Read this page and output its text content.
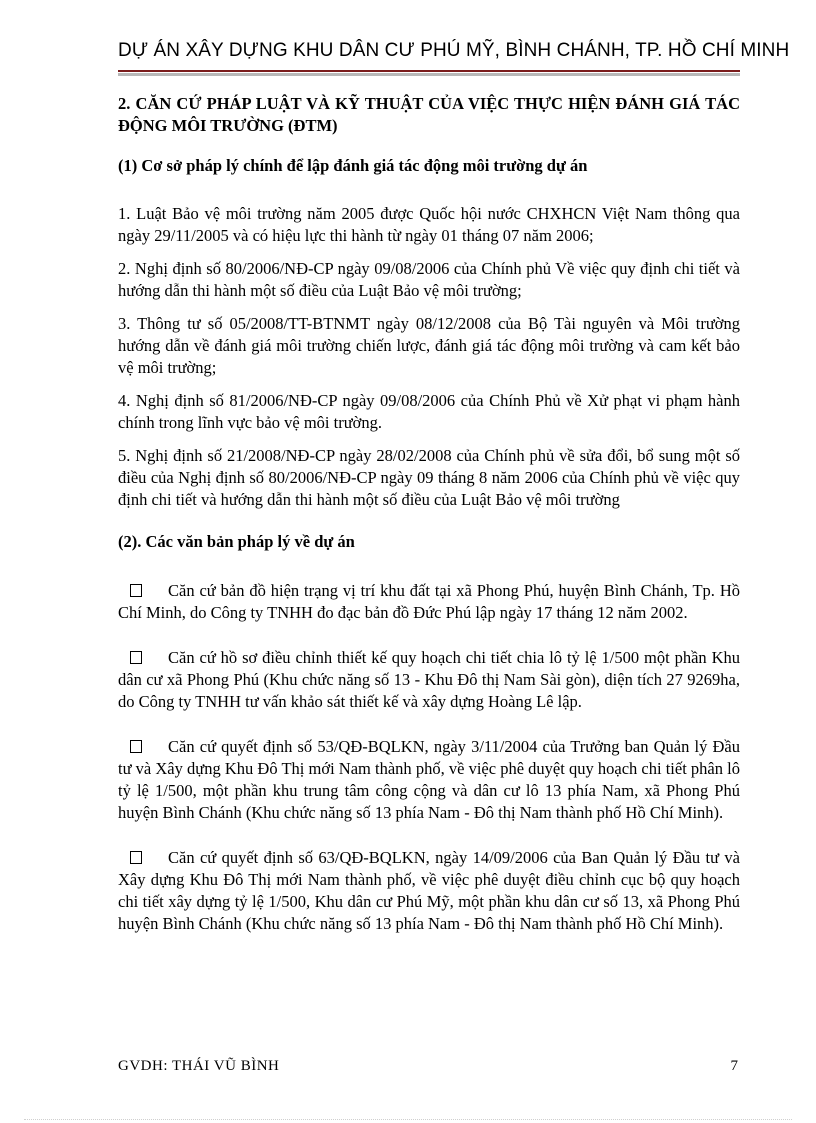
DỰ ÁN XÂY DỰNG KHU DÂN CƯ PHÚ MỸ, BÌNH CHÁNH, TP. HỒ CHÍ MINH

2. CĂN CỨ PHÁP LUẬT VÀ KỸ THUẬT CỦA VIỆC THỰC HIỆN ĐÁNH GIÁ TÁC ĐỘNG MÔI TRƯỜNG (ĐTM)

(1) Cơ sở pháp lý chính để lập đánh giá tác động môi trường dự án

1. Luật Bảo vệ môi trường năm 2005 được Quốc hội nước CHXHCN Việt Nam thông qua ngày 29/11/2005 và có hiệu lực thi hành từ ngày 01 tháng 07 năm 2006;

2. Nghị định số 80/2006/NĐ-CP ngày 09/08/2006 của Chính phủ Về việc quy định chi tiết và hướng dẫn thi hành một số điều của Luật Bảo vệ môi trường;

3. Thông tư số 05/2008/TT-BTNMT ngày 08/12/2008 của Bộ Tài nguyên và Môi trường hướng dẫn về đánh giá môi trường chiến lược, đánh giá tác động môi trường và cam kết bảo vệ môi trường;

4. Nghị định số 81/2006/NĐ-CP ngày 09/08/2006 của Chính Phủ về Xử phạt vi phạm hành chính trong lĩnh vực bảo vệ môi trường.

5. Nghị định số 21/2008/NĐ-CP ngày 28/02/2008 của Chính phủ về sửa đổi, bổ sung một số điều của Nghị định số 80/2006/NĐ-CP ngày 09 tháng 8 năm 2006 của Chính phủ về việc quy định chi tiết và hướng dẫn thi hành một số điều của Luật Bảo vệ môi trường

(2). Các văn bản pháp lý về dự án

Căn cứ bản đồ hiện trạng vị trí khu đất tại xã Phong Phú, huyện Bình Chánh, Tp. Hồ Chí Minh, do Công ty TNHH đo đạc bản đồ Đức Phú lập ngày 17 tháng 12 năm 2002.

Căn cứ hồ sơ điều chỉnh thiết kế quy hoạch chi tiết chia lô tỷ lệ 1/500 một phần Khu dân cư xã Phong Phú (Khu chức năng số 13 - Khu Đô thị Nam Sài gòn), diện tích 27 9269ha, do Công ty TNHH tư vấn khảo sát thiết kế và xây dựng Hoàng Lê lập.

Căn cứ quyết định số 53/QĐ-BQLKN, ngày 3/11/2004 của Trưởng ban Quản lý Đầu tư và Xây dựng Khu Đô Thị mới Nam thành phố, về việc phê duyệt quy hoạch chi tiết phân lô tỷ lệ 1/500, một phần khu trung tâm công cộng và dân cư lô 13 phía Nam, xã Phong Phú huyện Bình Chánh (Khu chức năng số 13 phía Nam - Đô thị Nam thành phố Hồ Chí Minh).

Căn cứ quyết định số 63/QĐ-BQLKN, ngày 14/09/2006 của Ban Quản lý Đầu tư và Xây dựng Khu Đô Thị mới Nam thành phố, về việc phê duyệt điều chỉnh cục bộ quy hoạch chi tiết xây dựng tỷ lệ 1/500, Khu dân cư Phú Mỹ, một phần khu dân cư số 13, xã Phong Phú huyện Bình Chánh (Khu chức năng số 13 phía Nam - Đô thị Nam thành phố Hồ Chí Minh).

GVDH: THÁI VŨ BÌNH	7
